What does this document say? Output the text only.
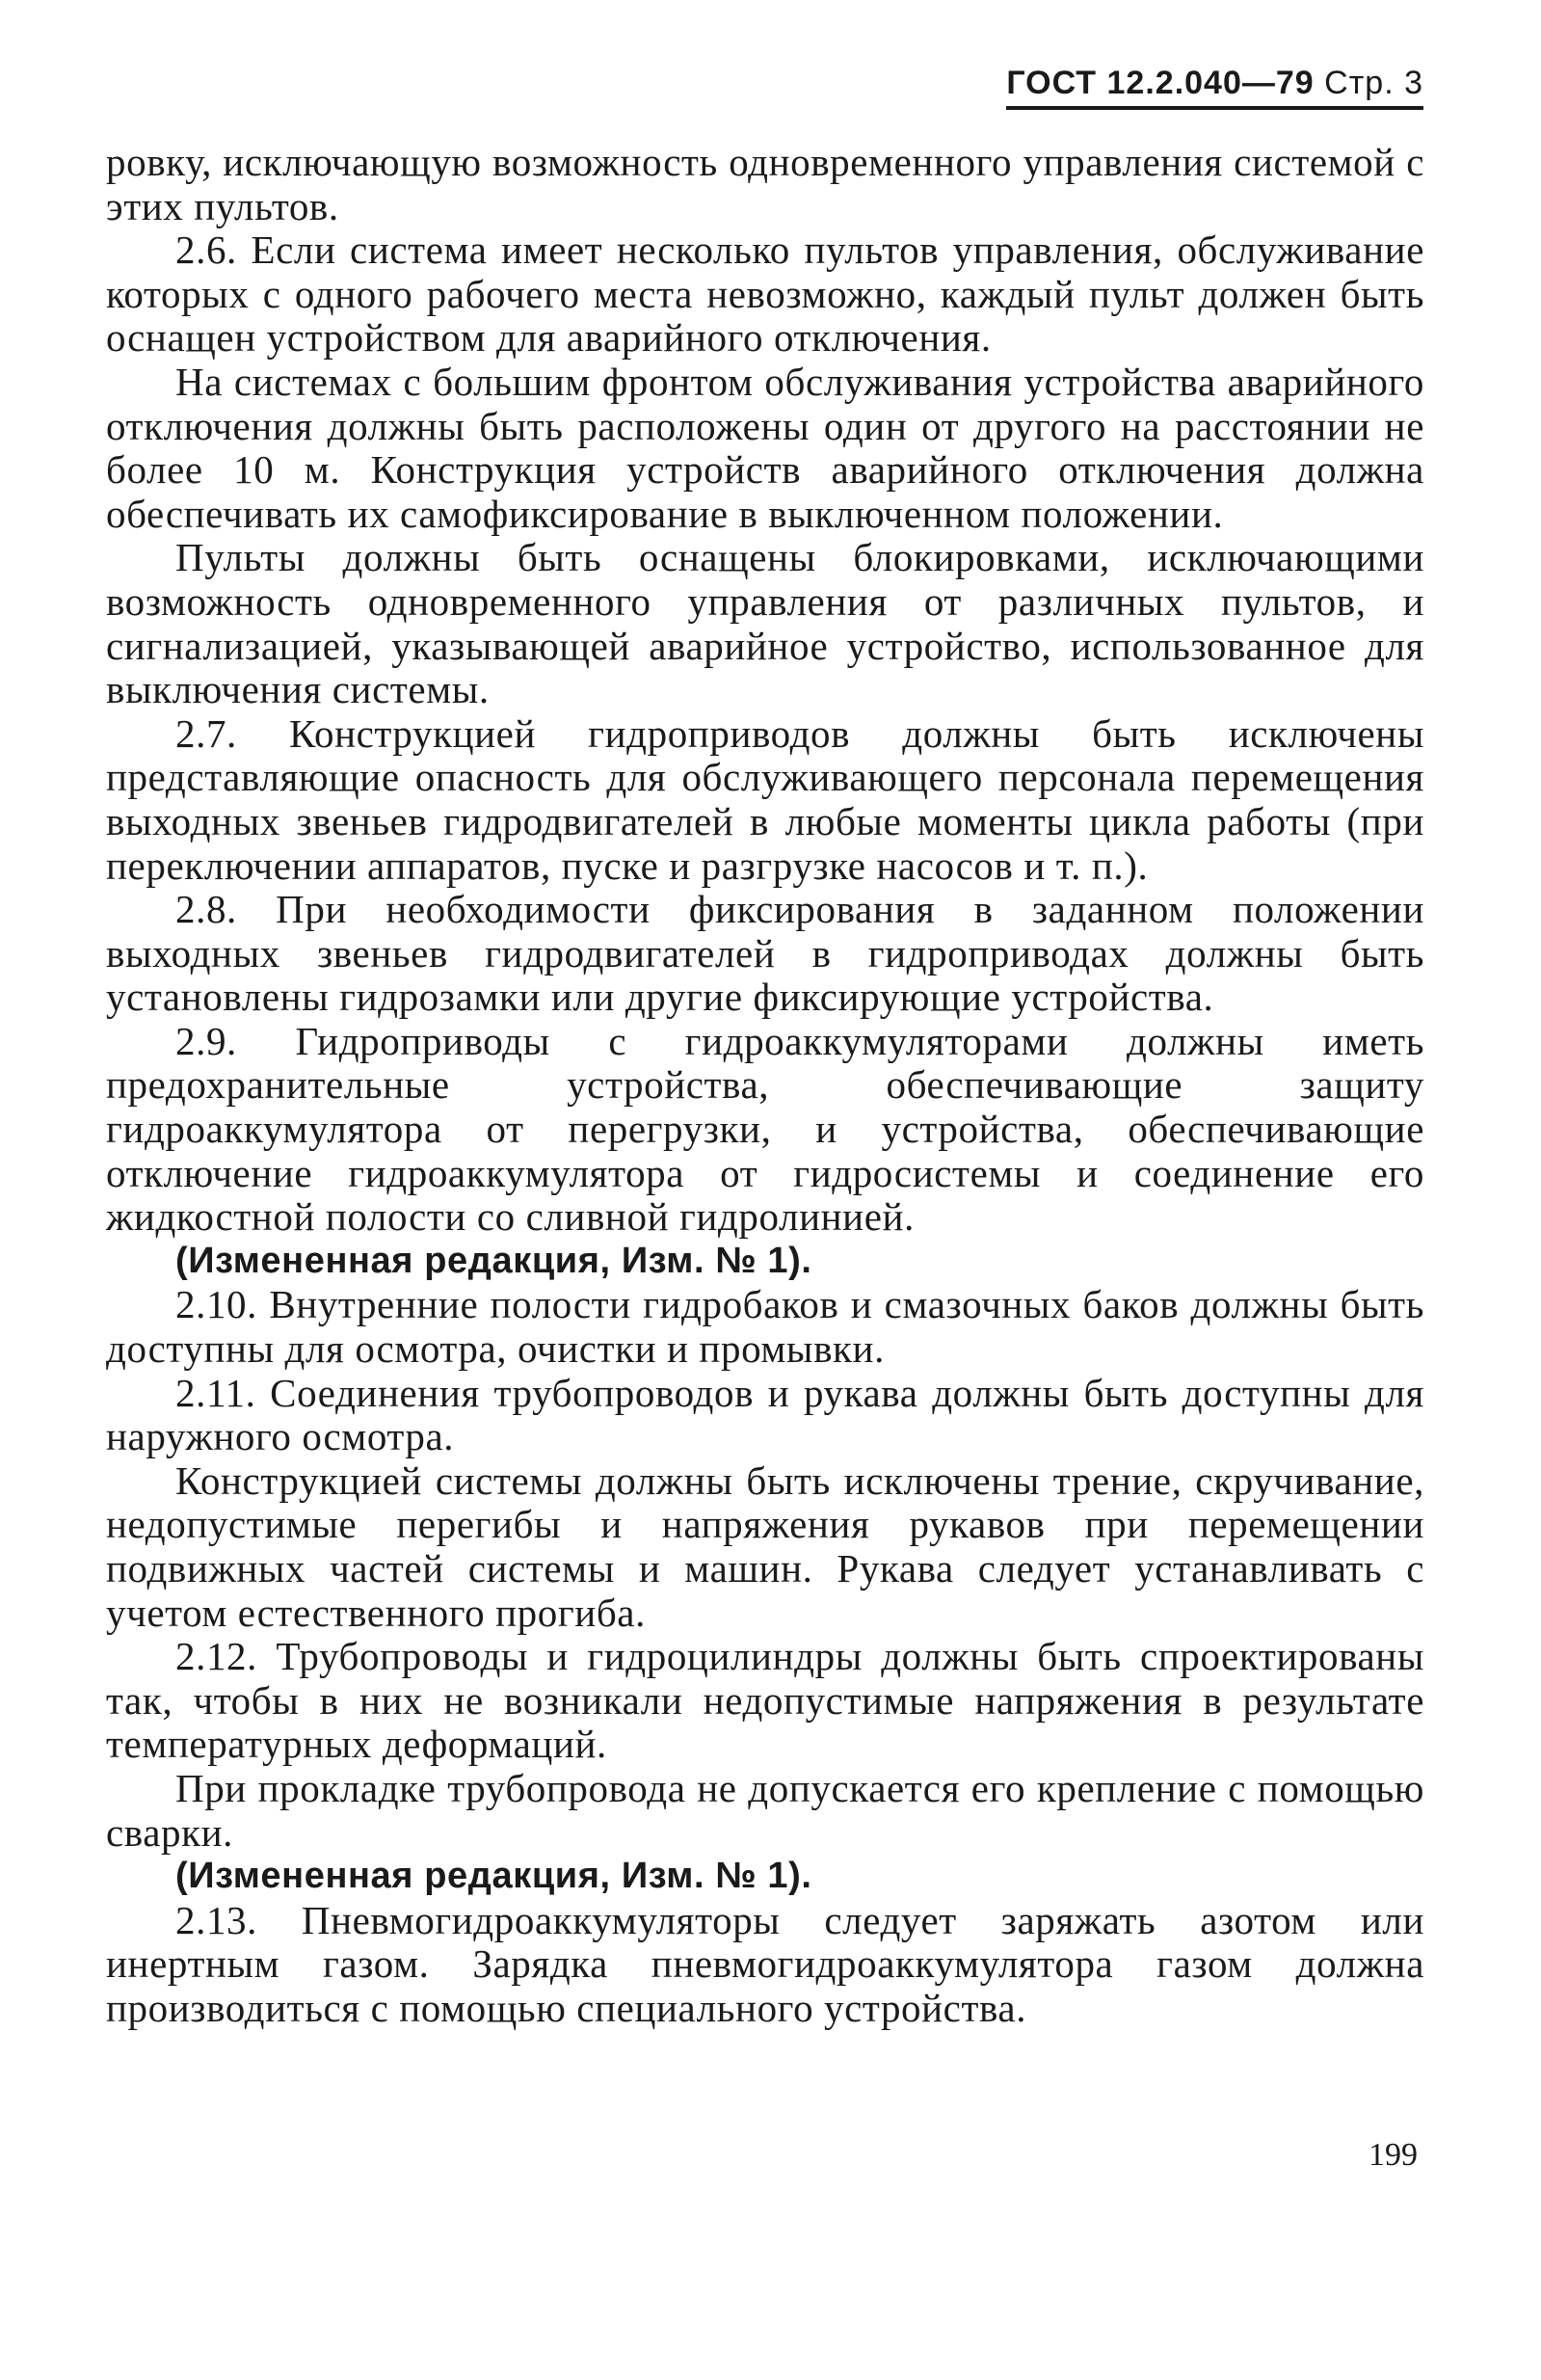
ГОСТ 12.2.040—79 Стр. 3

ровку, исключающую возможность одновременного управления системой с этих пультов.

2.6. Если система имеет несколько пультов управления, обслуживание которых с одного рабочего места невозможно, каждый пульт должен быть оснащен устройством для аварийного отключения.

На системах с большим фронтом обслуживания устройства аварийного отключения должны быть расположены один от другого на расстоянии не более 10 м. Конструкция устройств аварийного отключения должна обеспечивать их самофиксирование в выключенном положении.

Пульты должны быть оснащены блокировками, исключающими возможность одновременного управления от различных пультов, и сигнализацией, указывающей аварийное устройство, использованное для выключения системы.

2.7. Конструкцией гидроприводов должны быть исключены представляющие опасность для обслуживающего персонала перемещения выходных звеньев гидродвигателей в любые моменты цикла работы (при переключении аппаратов, пуске и разгрузке насосов и т. п.).

2.8. При необходимости фиксирования в заданном положении выходных звеньев гидродвигателей в гидроприводах должны быть установлены гидрозамки или другие фиксирующие устройства.

2.9. Гидроприводы с гидроаккумуляторами должны иметь предохранительные устройства, обеспечивающие защиту гидроаккумулятора от перегрузки, и устройства, обеспечивающие отключение гидроаккумулятора от гидросистемы и соединение его жидкостной полости со сливной гидролинией.

(Измененная редакция, Изм. № 1).

2.10. Внутренние полости гидробаков и смазочных баков должны быть доступны для осмотра, очистки и промывки.

2.11. Соединения трубопроводов и рукава должны быть доступны для наружного осмотра.

Конструкцией системы должны быть исключены трение, скручивание, недопустимые перегибы и напряжения рукавов при перемещении подвижных частей системы и машин. Рукава следует устанавливать с учетом естественного прогиба.

2.12. Трубопроводы и гидроцилиндры должны быть спроектированы так, чтобы в них не возникали недопустимые напряжения в результате температурных деформаций.

При прокладке трубопровода не допускается его крепление с помощью сварки.

(Измененная редакция, Изм. № 1).

2.13. Пневмогидроаккумуляторы следует заряжать азотом или инертным газом. Зарядка пневмогидроаккумулятора газом должна производиться с помощью специального устройства.

199
